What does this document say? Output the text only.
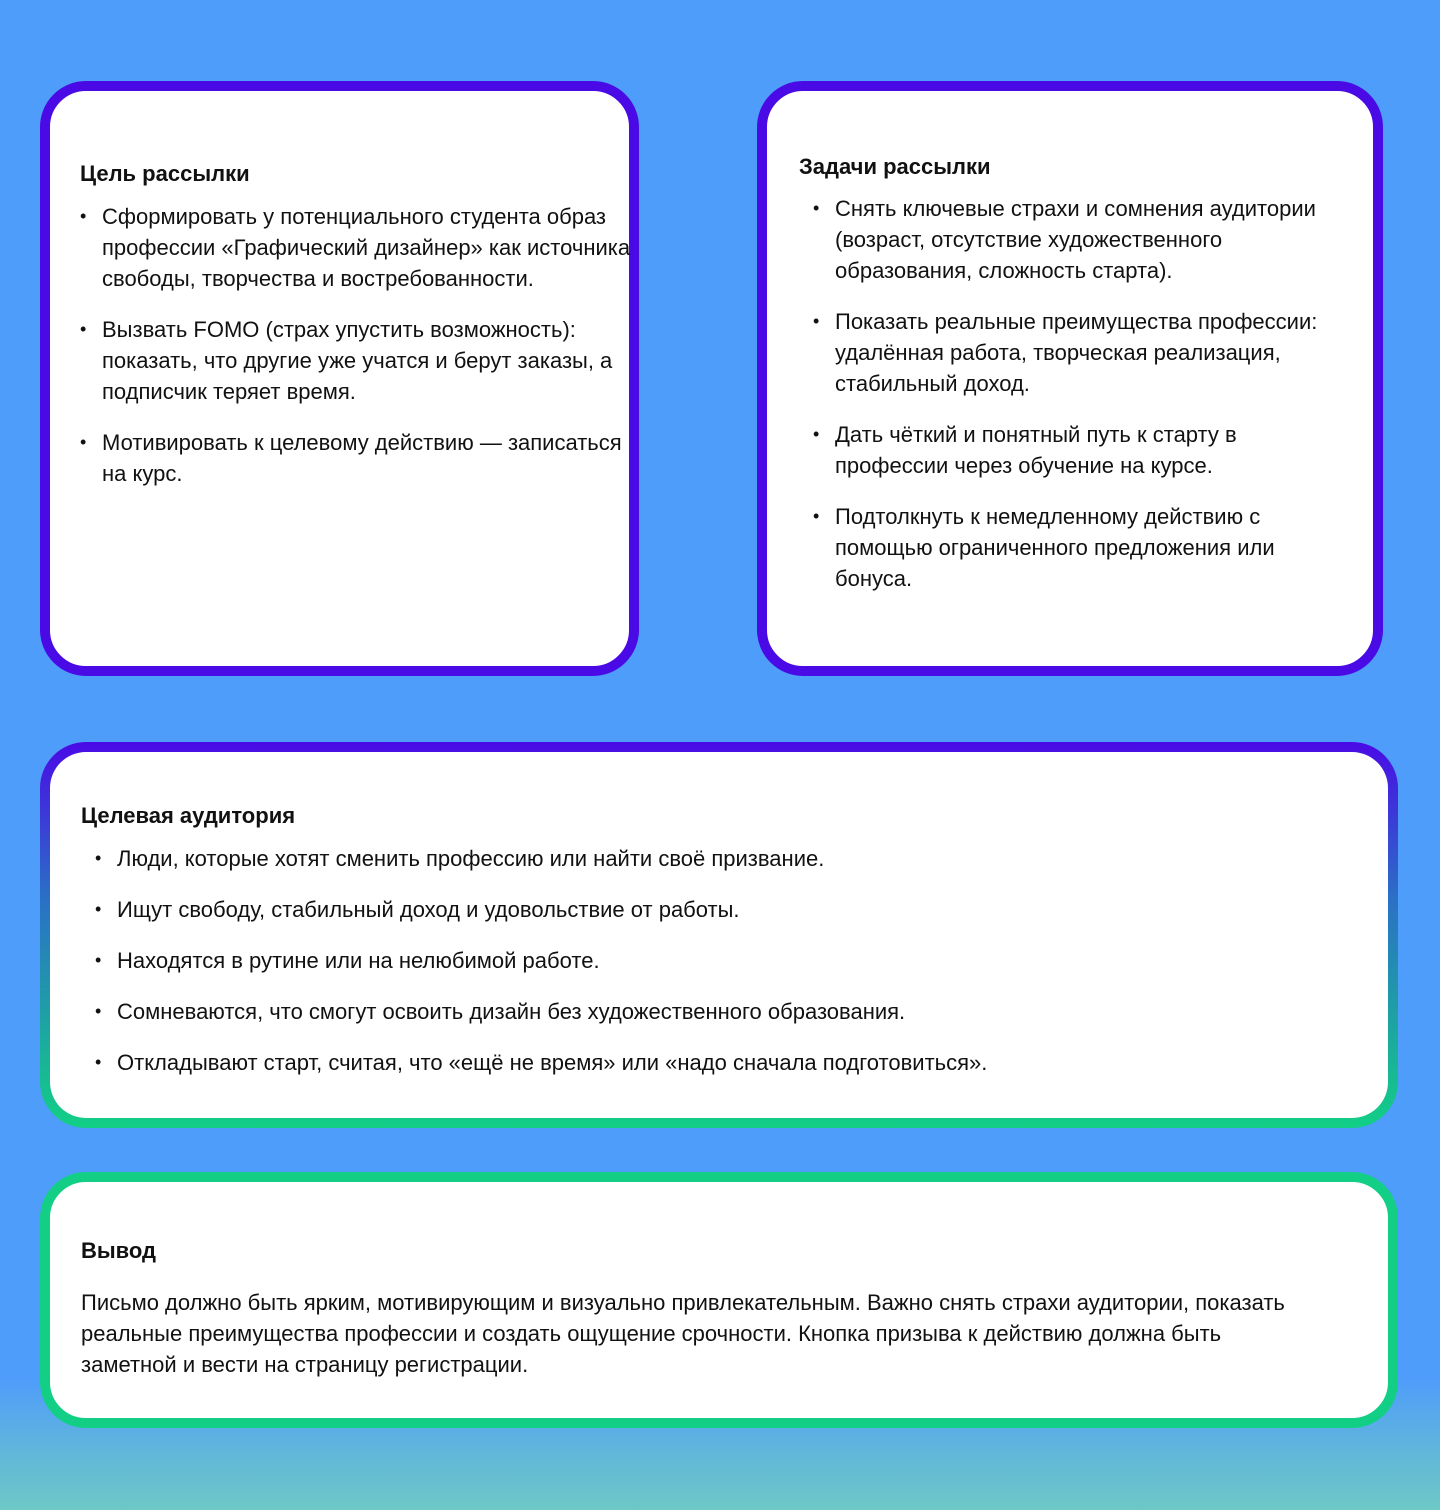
Цель рассылки
• Сформировать у потенциального студента образ профессии «Графический дизайнер» как источника свободы, творчества и востребованности.
• Вызвать FOMO (страх упустить возможность): показать, что другие уже учатся и берут заказы, а подписчик теряет время.
• Мотивировать к целевому действию — записаться на курс.
Задачи рассылки
• Снять ключевые страхи и сомнения аудитории (возраст, отсутствие художественного образования, сложность старта).
• Показать реальные преимущества профессии: удалённая работа, творческая реализация, стабильный доход.
• Дать чёткий и понятный путь к старту в профессии через обучение на курсе.
• Подтолкнуть к немедленному действию с помощью ограниченного предложения или бонуса.
Целевая аудитория
• Люди, которые хотят сменить профессию или найти своё призвание.
• Ищут свободу, стабильный доход и удовольствие от работы.
• Находятся в рутине или на нелюбимой работе.
• Сомневаются, что смогут освоить дизайн без художественного образования.
• Откладывают старт, считая, что «ещё не время» или «надо сначала подготовиться».
Вывод

Письмо должно быть ярким, мотивирующим и визуально привлекательным. Важно снять страхи аудитории, показать реальные преимущества профессии и создать ощущение срочности. Кнопка призыва к действию должна быть заметной и вести на страницу регистрации.
